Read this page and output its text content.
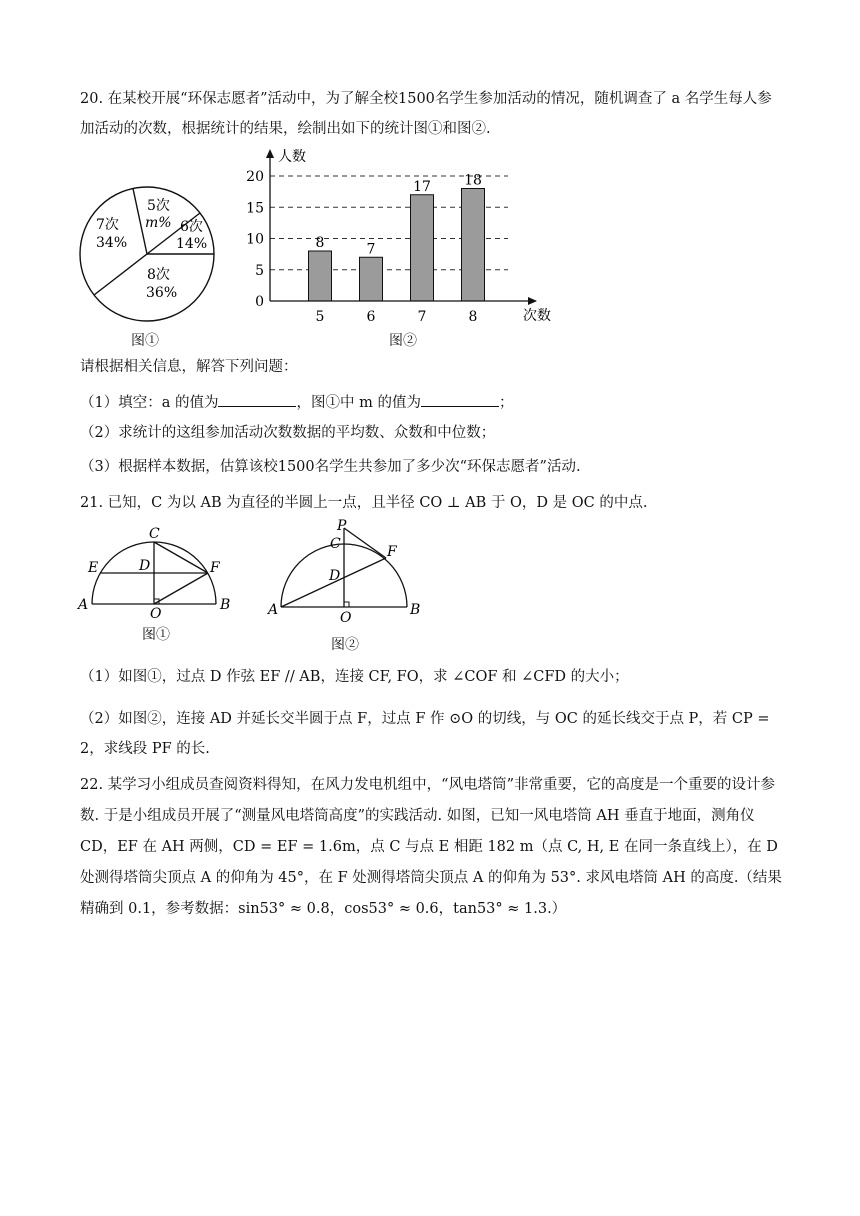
20. 在某校开展“环保志愿者”活动中，为了解全校1500名学生参加活动的情况，随机调查了 a 名学生每人参加活动的次数，根据统计的结果，绘制出如下的统计图①和图②.

5次
m% 6次
14%
7次
34%
8次
36%
图①
0
5
10
15
20
8
5
7
6
17
7
18
8
人数
次数
图②

请根据相关信息，解答下列问题：

（1）填空：a 的值为	，图①中 m 的值为	；

（2）求统计的这组参加活动次数数据的平均数、众数和中位数；

（3）根据样本数据，估算该校1500名学生共参加了多少次“环保志愿者”活动.

21. 已知，C 为以 AB 为直径的半圆上一点，且半径 CO ⊥ AB 于 O，D 是 OC 的中点.

C
D
E	F
A	B
O
图①
P
C
D
F
A	B
O
图②

（1）如图①，过点 D 作弦 EF // AB，连接 CF, FO，求 ∠COF 和 ∠CFD 的大小；

（2）如图②，连接 AD 并延长交半圆于点 F，过点 F 作 ⊙O 的切线，与 OC 的延长线交于点 P，若 CP = 2，求线段 PF 的长.

22. 某学习小组成员查阅资料得知，在风力发电机组中，“风电塔筒”非常重要，它的高度是一个重要的设计参数. 于是小组成员开展了“测量风电塔筒高度”的实践活动. 如图，已知一风电塔筒 AH 垂直于地面，测角仪 CD，EF 在 AH 两侧，CD = EF = 1.6m，点 C 与点 E 相距 182 m（点 C, H, E 在同一条直线上），在 D 处测得塔筒尖顶点 A 的仰角为 45°，在 F 处测得塔筒尖顶点 A 的仰角为 53°. 求风电塔筒 AH 的高度.（结果精确到 0.1，参考数据：sin53° ≈ 0.8，cos53° ≈ 0.6，tan53° ≈ 1.3.）
